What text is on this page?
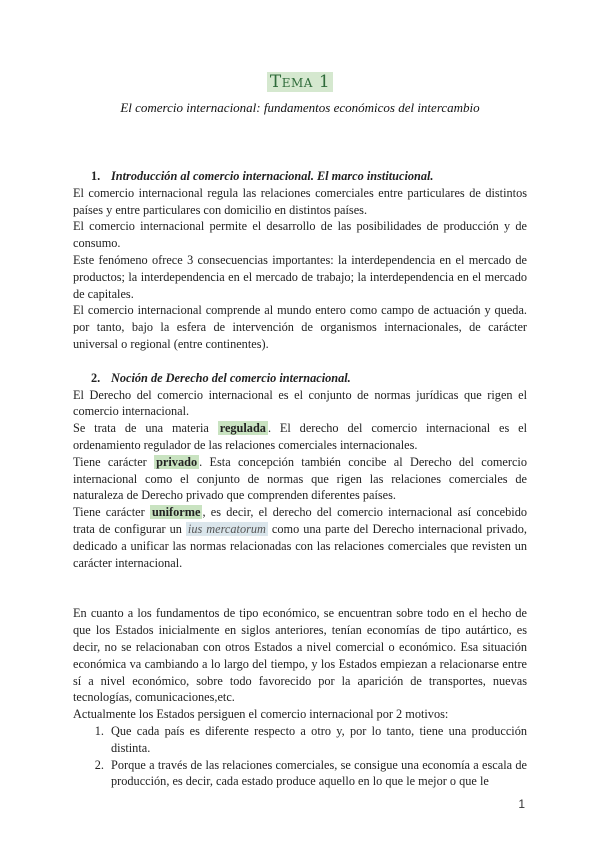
Tema 1
El comercio internacional: fundamentos económicos del intercambio

1. Introducción al comercio internacional. El marco institucional.

El comercio internacional regula las relaciones comerciales entre particulares de distintos países y entre particulares con domicilio en distintos países.

El comercio internacional permite el desarrollo de las posibilidades de producción y de consumo.

Este fenómeno ofrece 3 consecuencias importantes: la interdependencia en el mercado de productos; la interdependencia en el mercado de trabajo; la interdependencia en el mercado de capitales.

El comercio internacional comprende al mundo entero como campo de actuación y queda. por tanto, bajo la esfera de intervención de organismos internacionales, de carácter universal o regional (entre continentes).

2. Noción de Derecho del comercio internacional.

El Derecho del comercio internacional es el conjunto de normas jurídicas que rigen el comercio internacional.

Se trata de una materia regulada . El derecho del comercio internacional es el ordenamiento regulador de las relaciones comerciales internacionales.

Tiene carácter privado . Esta concepción también concibe al Derecho del comercio internacional como el conjunto de normas que rigen las relaciones comerciales de naturaleza de Derecho privado que comprenden diferentes países.

Tiene carácter uniforme , es decir, el derecho del comercio internacional así concebido trata de configurar un ius mercatorum como una parte del Derecho internacional privado, dedicado a unificar las normas relacionadas con las relaciones comerciales que revisten un carácter internacional.

En cuanto a los fundamentos de tipo económico, se encuentran sobre todo en el hecho de que los Estados inicialmente en siglos anteriores, tenían economías de tipo autártico, es decir, no se relacionaban con otros Estados a nivel comercial o económico. Esa situación económica va cambiando a lo largo del tiempo, y los Estados empiezan a relacionarse entre sí a nivel económico, sobre todo favorecido por la aparición de transportes, nuevas tecnologías, comunicaciones,etc.

Actualmente los Estados persiguen el comercio internacional por 2 motivos:

1. Que cada país es diferente respecto a otro y, por lo tanto, tiene una producción distinta.
2. Porque a través de las relaciones comerciales, se consigue una economía a escala de producción, es decir, cada estado produce aquello en lo que le mejor o que le
1
